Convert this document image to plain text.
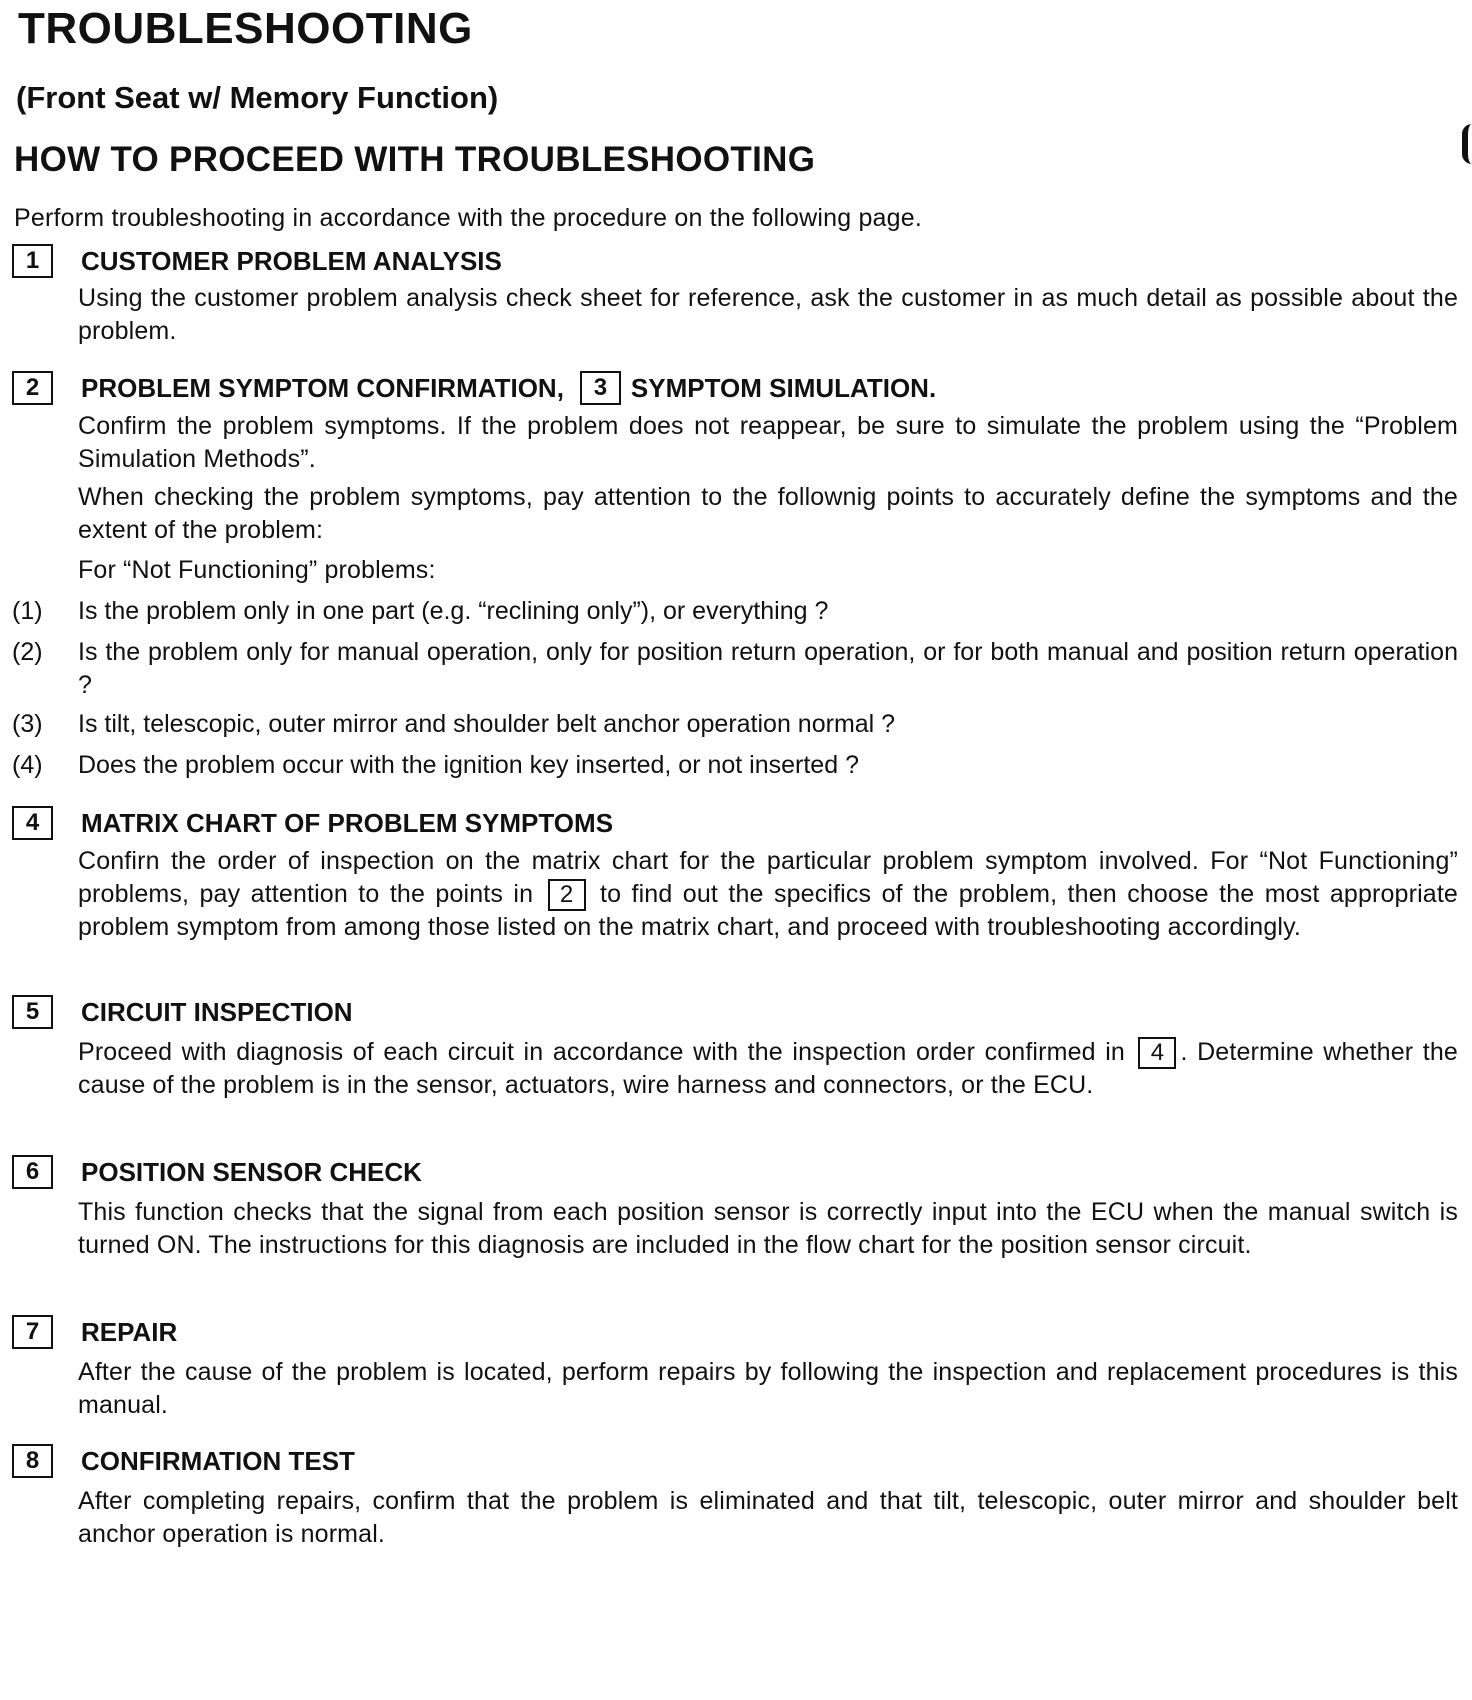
TROUBLESHOOTING
(Front Seat w/ Memory Function)
HOW TO PROCEED WITH TROUBLESHOOTING

Perform troubleshooting in accordance with the procedure on the following page.

1	CUSTOMER PROBLEM ANALYSIS

Using the customer problem analysis check sheet for reference, ask the customer in as much detail as possible about the problem.

2	PROBLEM SYMPTOM CONFIRMATION,	3 SYMPTOM SIMULATION.

Confirm the problem symptoms. If the problem does not reappear, be sure to simulate the problem using the “Problem Simulation Methods”.

When checking the problem symptoms, pay attention to the follownig points to accurately define the symptoms and the extent of the problem:

For “Not Functioning” problems:

(1)	Is the problem only in one part (e.g. “reclining only”), or everything ?
(2)	Is the problem only for manual operation, only for position return operation, or for both manual and position return operation ?
(3)	Is tilt, telescopic, outer mirror and shoulder belt anchor operation normal ?
(4)	Does the problem occur with the ignition key inserted, or not inserted ?
4	MATRIX CHART OF PROBLEM SYMPTOMS

Confirn the order of inspection on the matrix chart for the particular problem symptom involved. For “Not Functioning” problems, pay attention to the points in 2 to find out the specifics of the problem, then choose the most appropriate problem symptom from among those listed on the matrix chart, and proceed with troubleshooting accordingly.

5	CIRCUIT INSPECTION

Proceed with diagnosis of each circuit in accordance with the inspection order confirmed in 4 . Determine whether the cause of the problem is in the sensor, actuators, wire harness and connectors, or the ECU.

6	POSITION SENSOR CHECK

This function checks that the signal from each position sensor is correctly input into the ECU when the manual switch is turned ON. The instructions for this diagnosis are included in the flow chart for the position sensor circuit.

7	REPAIR

After the cause of the problem is located, perform repairs by following the inspection and replacement procedures is this manual.

8	CONFIRMATION TEST

After completing repairs, confirm that the problem is eliminated and that tilt, telescopic, outer mirror and shoulder belt anchor operation is normal.
